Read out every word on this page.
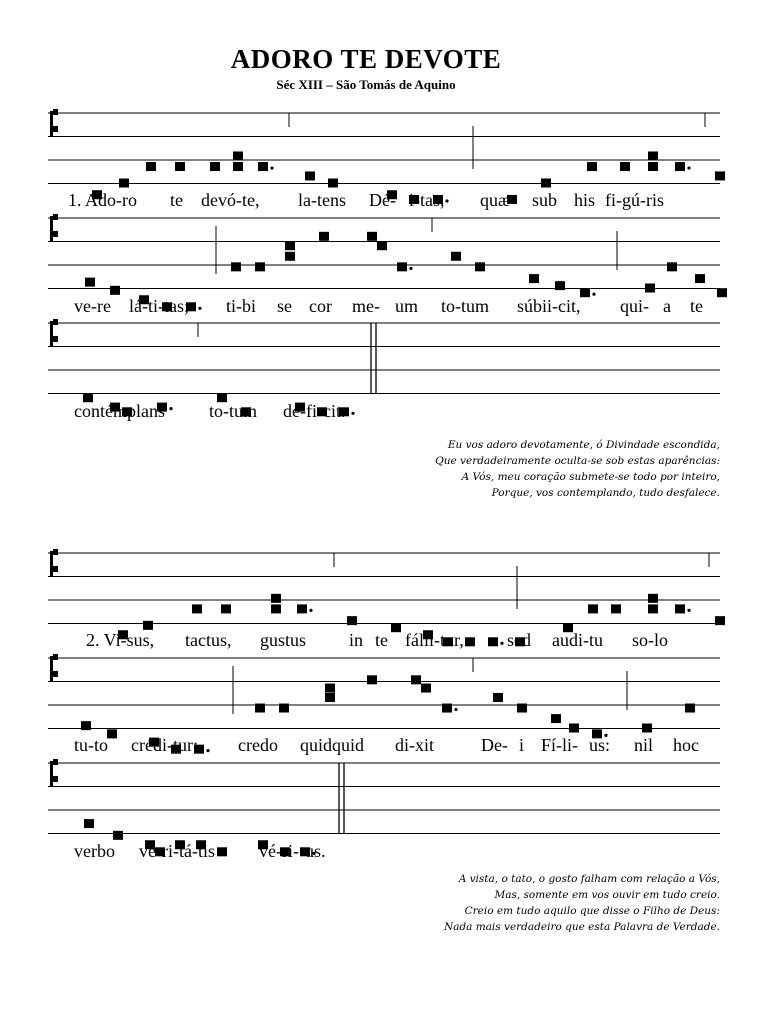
ADORO TE DEVOTE
Séc XIII – São Tomás de Aquino
1. Ado-ro te devó-te, la-tens Dé- i-tas, quæ sub his fi-gú-ris
ve-re lá-ti-tas; ti-bi se cor me- um to-tum súbii-cit, qui- a te
contémplans to-tum dé-fi-cit.
Eu vos adoro devotamente, ó Divindade escondida,
Que verdadeiramente oculta-se sob estas aparências:
A Vós, meu coração submete-se todo por inteiro,
Porque, vos contemplando, tudo desfalece.
2. Vi-sus, tactus, gustus in te fálli-tur, sed audi-tu so-lo
tu-to crédi-tur: credo quidquid di-xit	De- i Fí-li- us: nil hoc
verbo ve-ri-tá-tis vé-ri- us.
A vista, o tato, o gosto falham com relação a Vós,
Mas, somente em vos ouvir em tudo creio.
Creio em tudo aquilo que disse o Filho de Deus:
Nada mais verdadeiro que esta Palavra de Verdade.
